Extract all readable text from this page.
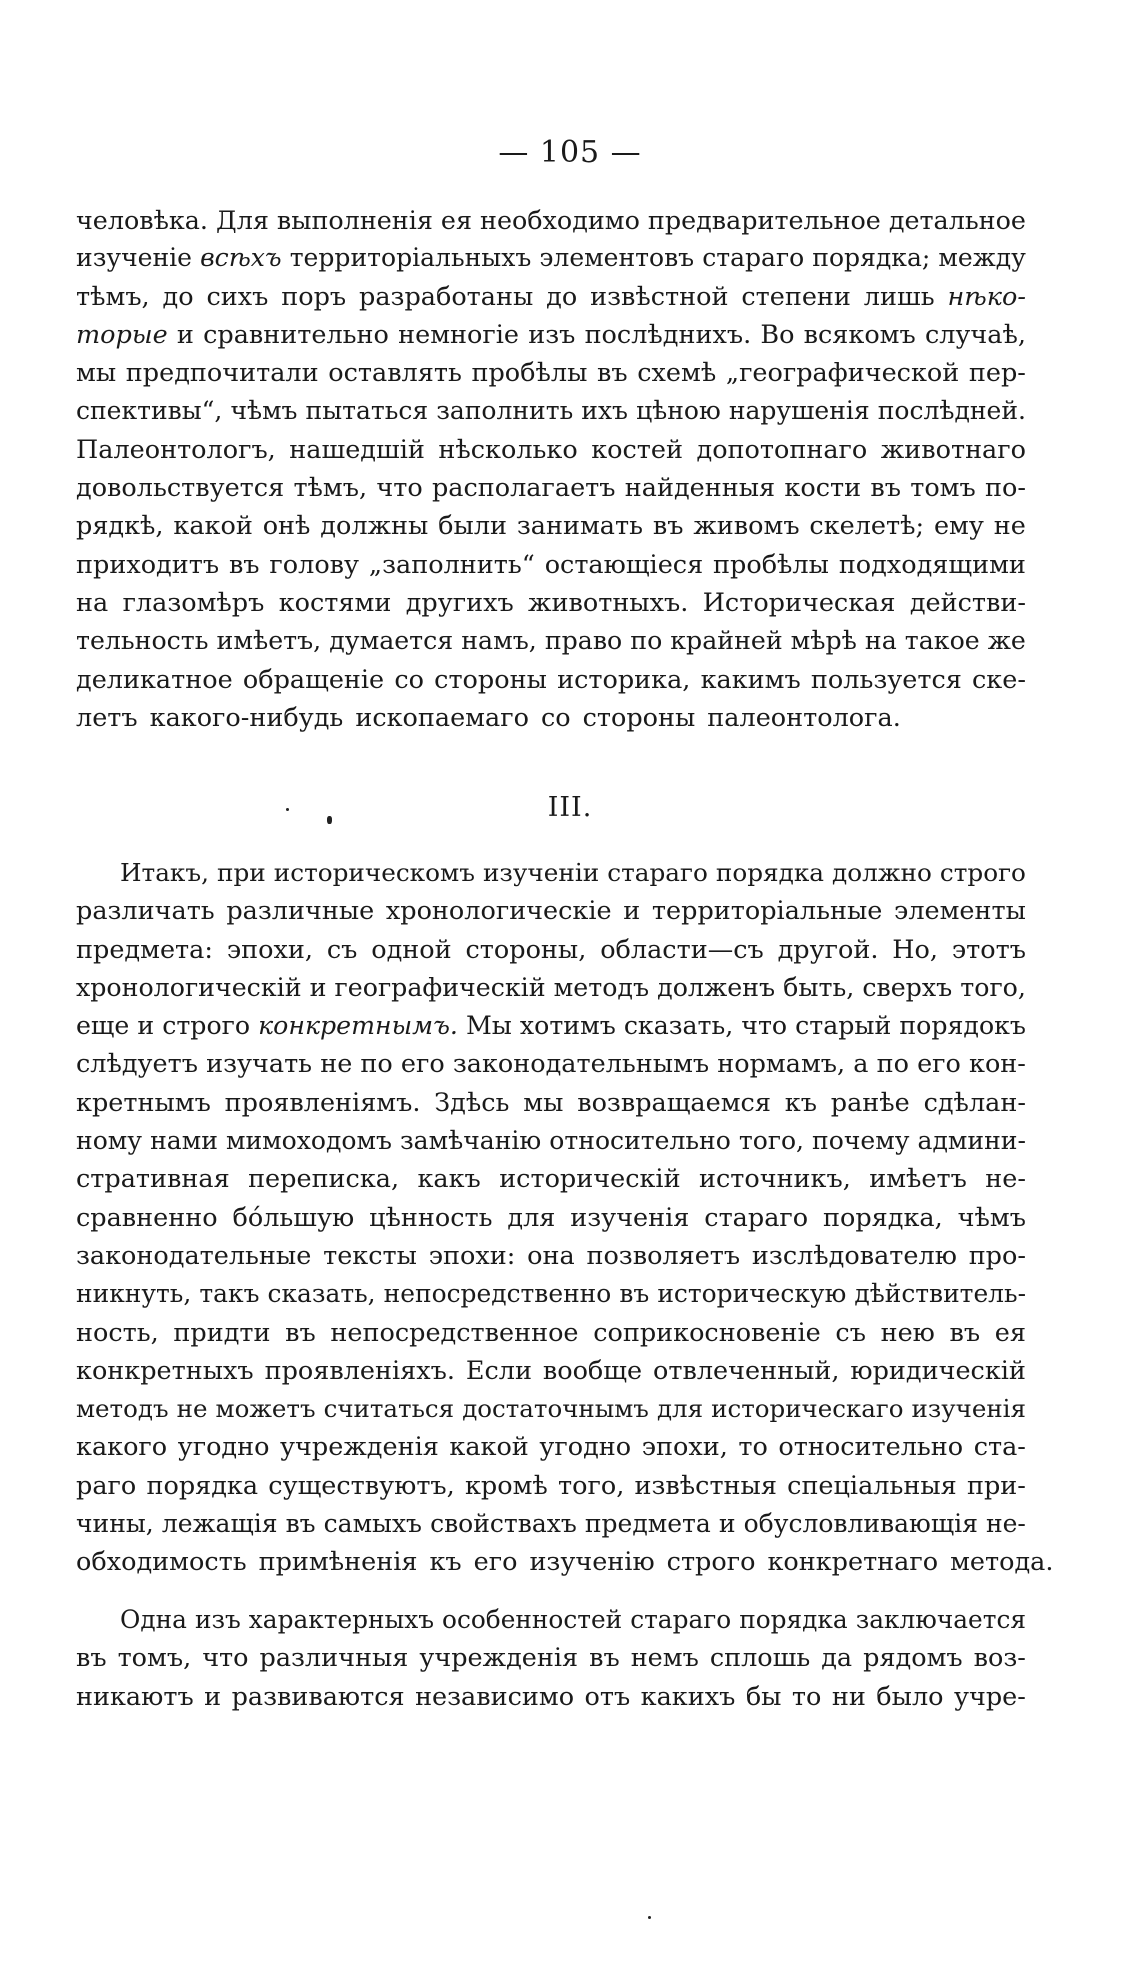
— 105 —
человѣка. Для выполненія ея необходимо предварительное детальное
изученіе всѣхъ территоріальныхъ элементовъ стараго порядка; между
тѣмъ, до сихъ поръ разработаны до извѣстной степени лишь нѣко-
торые и сравнительно немногіе изъ послѣднихъ. Во всякомъ случаѣ,
мы предпочитали оставлять пробѣлы въ схемѣ „географической пер-
спективы“, чѣмъ пытаться заполнить ихъ цѣною нарушенія послѣдней.
Палеонтологъ, нашедшій нѣсколько костей допотопнаго животнаго
довольствуется тѣмъ, что располагаетъ найденныя кости въ томъ по-
рядкѣ, какой онѣ должны были занимать въ живомъ скелетѣ; ему не
приходитъ въ голову „заполнить“ остающіеся пробѣлы подходящими
на глазомѣръ костями другихъ животныхъ. Историческая действи-
тельность имѣетъ, думается намъ, право по крайней мѣрѣ на такое же
деликатное обращеніе со стороны историка, какимъ пользуется ске-
летъ какого-нибудь ископаемаго со стороны палеонтолога.
III.
Итакъ, при историческомъ изученіи стараго порядка должно строго
различать различные хронологическіе и территоріальные элементы
предмета: эпохи, съ одной стороны, области—съ другой. Но, этотъ
хронологическій и географическій методъ долженъ быть, сверхъ того,
еще и строго конкретнымъ. Мы хотимъ сказать, что старый порядокъ
слѣдуетъ изучать не по его законодательнымъ нормамъ, а по его кон-
кретнымъ проявленіямъ. Здѣсь мы возвращаемся къ ранѣе сдѣлан-
ному нами мимоходомъ замѣчанію относительно того, почему админи-
стративная переписка, какъ историческій источникъ, имѣетъ не-
сравненно бо́льшую цѣнность для изученія стараго порядка, чѣмъ
законодательные тексты эпохи: она позволяетъ изслѣдователю про-
никнуть, такъ сказать, непосредственно въ историческую дѣйствитель-
ность, придти въ непосредственное соприкосновеніе съ нею въ ея
конкретныхъ проявленіяхъ. Если вообще отвлеченный, юридическій
методъ не можетъ считаться достаточнымъ для историческаго изученія
какого угодно учрежденія какой угодно эпохи, то относительно ста-
раго порядка существуютъ, кромѣ того, извѣстныя спеціальныя при-
чины, лежащія въ самыхъ свойствахъ предмета и обусловливающія не-
обходимость примѣненія къ его изученію строго конкретнаго метода.
Одна изъ характерныхъ особенностей стараго порядка заключается
въ томъ, что различныя учрежденія въ немъ сплошь да рядомъ воз-
никаютъ и развиваются независимо отъ какихъ бы то ни было учре-
